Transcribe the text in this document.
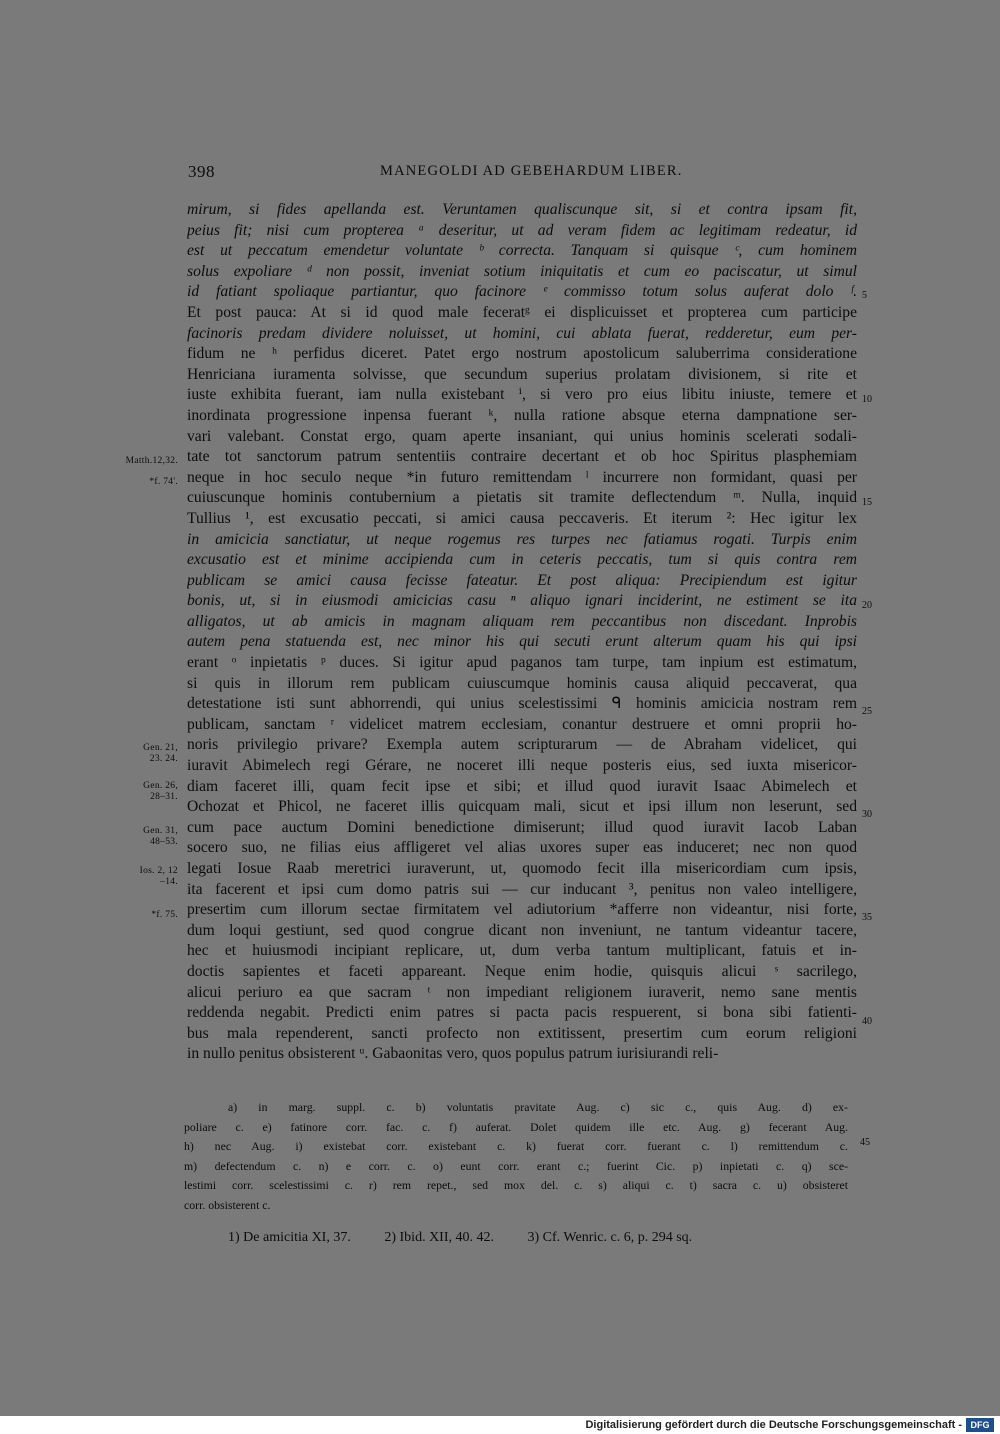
398	MANEGOLDI AD GEBEHARDUM LIBER.
mirum, si fides apellanda est. Veruntamen qualiscunque sit, si et contra ipsam fit,
peius fit; nisi cum propterea ᵃ deseritur, ut ad veram fidem ac legitimam redeatur, id
est ut peccatum emendetur voluntate ᵇ correcta. Tanquam si quisque ᶜ, cum hominem
solus expoliare ᵈ non possit, inveniat sotium iniquitatis et cum eo paciscatur, ut simul
id fatiant spoliaque partiantur, quo facinore ᵉ commisso totum solus auferat dolo ᶠ.
Et post pauca: At si id quod male feceratᵍ ei displicuisset et propterea cum participe
facinoris predam dividere noluisset, ut homini, cui ablata fuerat, redderetur, eum per-
fidum ne ʰ perfidus diceret. Patet ergo nostrum apostolicum saluberrima consideratione
Henriciana iuramenta solvisse, que secundum superius prolatam divisionem, si rite et
iuste exhibita fuerant, iam nulla existebant ⁱ, si vero pro eius libitu iniuste, temere et
inordinata progressione inpensa fuerant ᵏ, nulla ratione absque eterna dampnatione ser-
vari valebant. Constat ergo, quam aperte insaniant, qui unius hominis scelerati sodali-
tate tot sanctorum patrum sententiis contraire decertant et ob hoc Spiritus plasphemiam
neque in hoc seculo neque *in futuro remittendam ˡ incurrere non formidant, quasi per
cuiuscunque hominis contubernium a pietatis sit tramite deflectendum ᵐ. Nulla, inquid
Tullius ¹, est excusatio peccati, si amici causa peccaveris. Et iterum ²: Hec igitur lex
in amicicia sanctiatur, ut neque rogemus res turpes nec fatiamus rogati. Turpis enim
excusatio est et minime accipienda cum in ceteris peccatis, tum si quis contra rem
publicam se amici causa fecisse fateatur. Et post aliqua: Precipiendum est igitur
bonis, ut, si in eiusmodi amicicias casu ⁿ aliquo ignari inciderint, ne estiment se ita
alligatos, ut ab amicis in magnam aliquam rem peccantibus non discedant. Inprobis
autem pena statuenda est, nec minor his qui secuti erunt alterum quam his qui ipsi
erant ᵒ inpietatis ᵖ duces. Si igitur apud paganos tam turpe, tam inpium est estimatum,
si quis in illorum rem publicam cuiuscumque hominis causa aliquid peccaverat, qua
detestatione isti sunt abhorrendi, qui unius scelestissimi ᑫ hominis amicicia nostram rem
publicam, sanctam ʳ videlicet matrem ecclesiam, conantur destruere et omni proprii ho-
noris privilegio privare? Exempla autem scripturarum — de Abraham videlicet, qui
iuravit Abimelech regi Gérare, ne noceret illi neque posteris eius, sed iuxta misericor-
diam faceret illi, quam fecit ipse et sibi; et illud quod iuravit Isaac Abimelech et
Ochozat et Phicol, ne faceret illis quicquam mali, sicut et ipsi illum non leserunt, sed
cum pace auctum Domini benedictione dimiserunt; illud quod iuravit Iacob Laban
socero suo, ne filias eius affligeret vel alias uxores super eas induceret; nec non quod
legati Iosue Raab meretrici iuraverunt, ut, quomodo fecit illa misericordiam cum ipsis,
ita facerent et ipsi cum domo patris sui — cur inducant ³, penitus non valeo intelligere,
presertim cum illorum sectae firmitatem vel adiutorium *afferre non videantur, nisi forte,
dum loqui gestiunt, sed quod congrue dicant non inveniunt, ne tantum videantur tacere,
hec et huiusmodi incipiant replicare, ut, dum verba tantum multiplicant, fatuis et in-
doctis sapientes et faceti appareant. Neque enim hodie, quisquis alicui ˢ sacrilego,
alicui periuro ea que sacram ᵗ non impediant religionem iuraverit, nemo sane mentis
reddenda negabit. Predicti enim patres si pacta pacis respuerent, si bona sibi fatienti-
bus mala rependerent, sancti profecto non extitissent, presertim cum eorum religioni
in nullo penitus obsisterent ᵘ. Gabaonitas vero, quos populus patrum iurisiurandi reli-
Matth.12,32.
*f. 74'.
Gen. 21,
23. 24.
Gen. 26,
28–31.
Gen. 31,
48–53.
Ios. 2, 12
–14.
*f. 75.
5
10
15
20
25
30
35
40
a) in marg. suppl. c. b) voluntatis pravitate Aug. c) sic c., quis Aug. d) ex-
poliare c. e) fatinore corr. fac. c. f) auferat. Dolet quidem ille etc. Aug. g) fecerant Aug.
h) nec Aug. i) existebat corr. existebant c. k) fuerat corr. fuerant c. l) remittendum c.
m) defectendum c. n) e corr. c. o) eunt corr. erant c.; fuerint Cic. p) inpietati c. q) sce-
lestimi corr. scelestissimi c. r) rem repet., sed mox del. c. s) aliqui c. t) sacra c. u) obsisteret
corr. obsisterent c.
45
1) De amicitia XI, 37. 2) Ibid. XII, 40. 42. 3) Cf. Wenric. c. 6, p. 294 sq.
Digitalisierung gefördert durch die Deutsche Forschungsgemeinschaft - DFG
